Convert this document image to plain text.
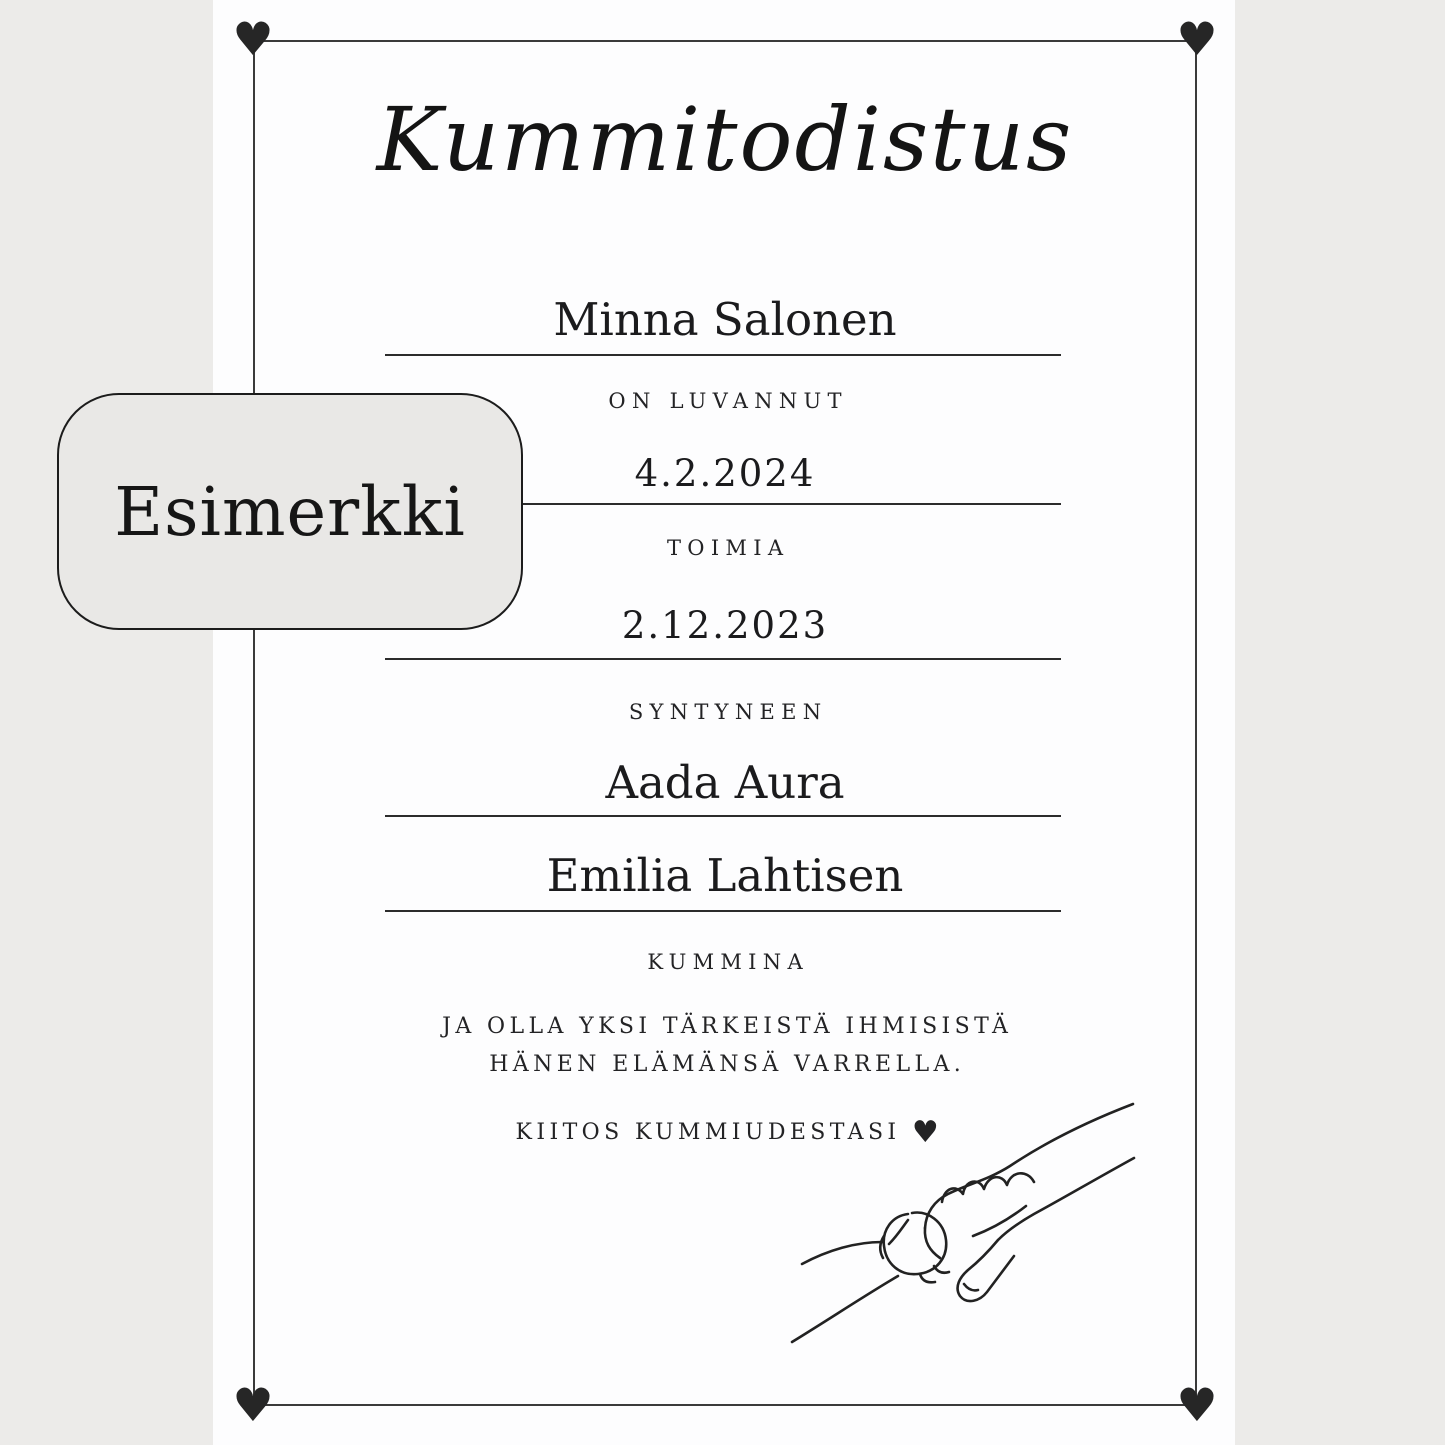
♥	♥
♥	♥
Kummitodistus
Minna Salonen
ON LUVANNUT
4.2.2024
TOIMIA
2.12.2023
SYNTYNEEN
Aada Aura
Emilia Lahtisen
KUMMINA
JA OLLA YKSI TÄRKEISTÄ IHMISISTÄ
HÄNEN ELÄMÄNSÄ VARRELLA.
KIITOS KUMMIUDESTASI ♥
Esimerkki
